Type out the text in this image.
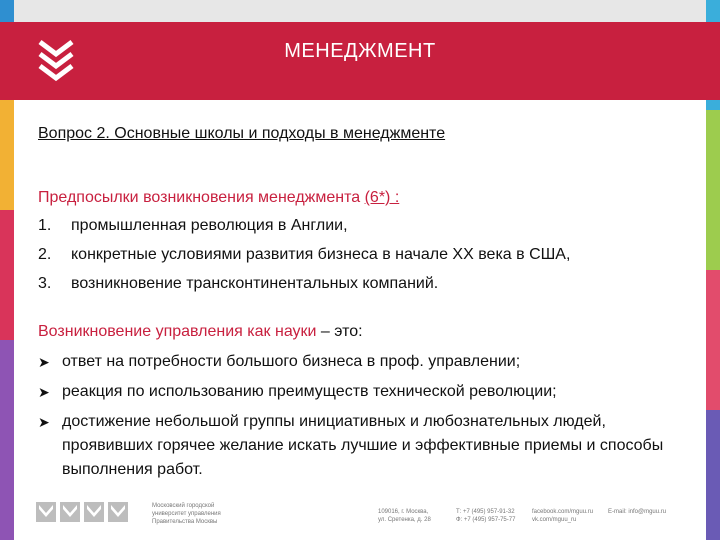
МЕНЕДЖМЕНТ

Вопрос 2. Основные школы и подходы в менеджменте

Предпосылки возникновения менеджмента (6*) :

1.	промышленная революция в Англии,
2.	конкретные условиями развития бизнеса в начале ХХ века в США,
3.	возникновение трансконтинентальных компаний.

Возникновение управления как науки – это:

➤ ответ на потребности большого бизнеса в проф. управлении;
➤ реакция по использованию преимуществ технической революции;
➤ достижение небольшой группы инициативных и любознательных людей, проявивших горячее желание искать лучшие и эффективные приемы и способы выполнения работ.
Московский городской
университет управления
Правительства Москвы
109016, г. Москва,
ул. Сретенка, д. 28
Т: +7 (495) 957-91-32
Ф: +7 (495) 957-75-77
facebook.com/mguu.ru
vk.com/mguu_ru
E-mail: info@mguu.ru
